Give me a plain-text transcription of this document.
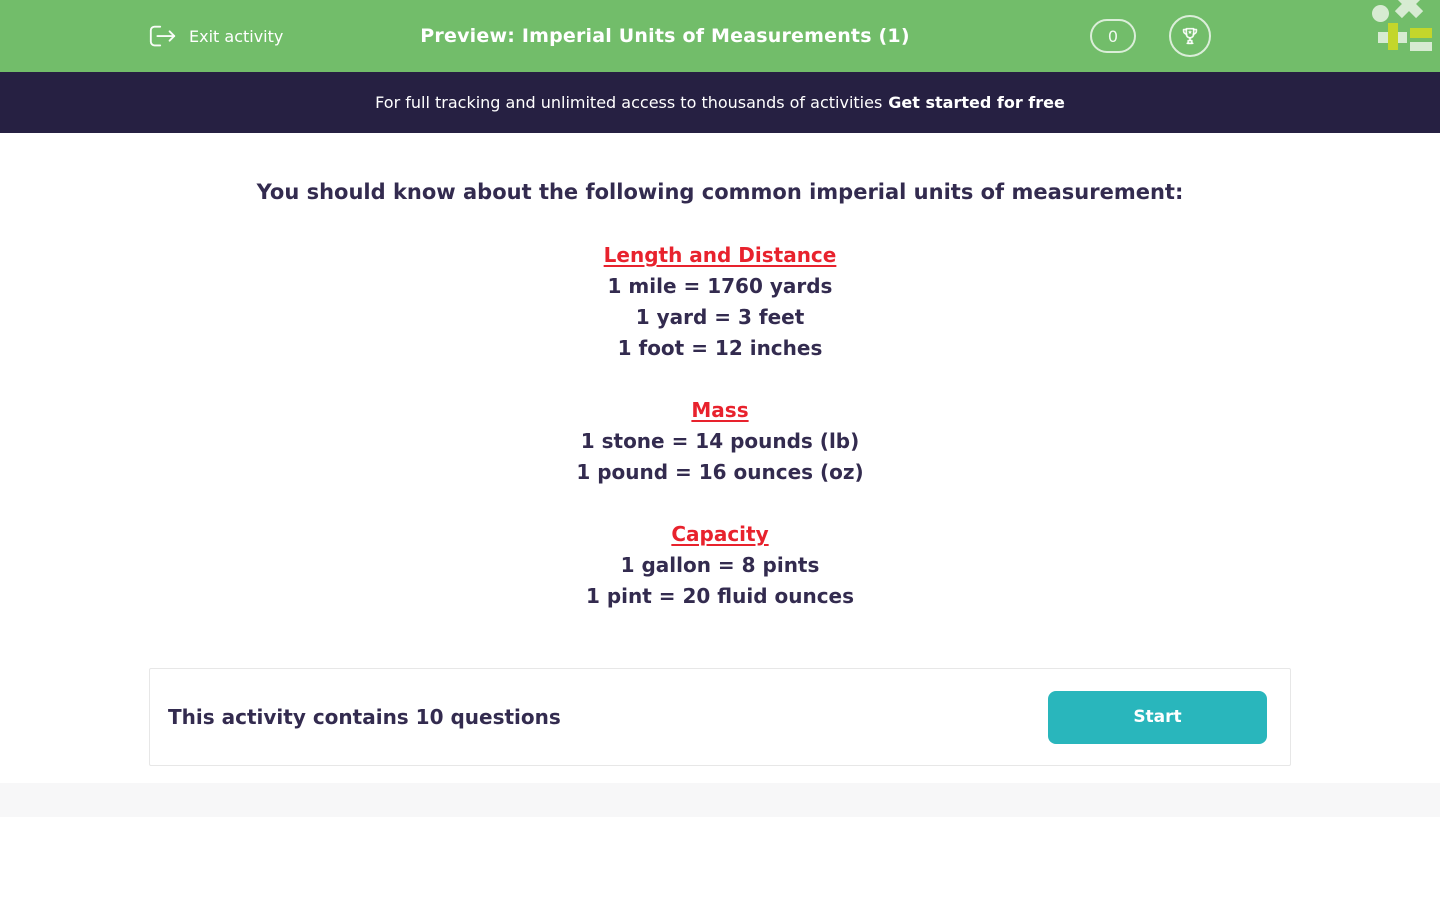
Exit activity	Preview: Imperial Units of Measurements (1)	0
For full tracking and unlimited access to thousands of activities Get started for free
You should know about the following common imperial units of measurement:
Length and Distance
1 mile = 1760 yards
1 yard = 3 feet
1 foot = 12 inches
Mass
1 stone = 14 pounds (lb)
1 pound = 16 ounces (oz)
Capacity
1 gallon = 8 pints
1 pint = 20 fluid ounces
This activity contains 10 questions	Start
